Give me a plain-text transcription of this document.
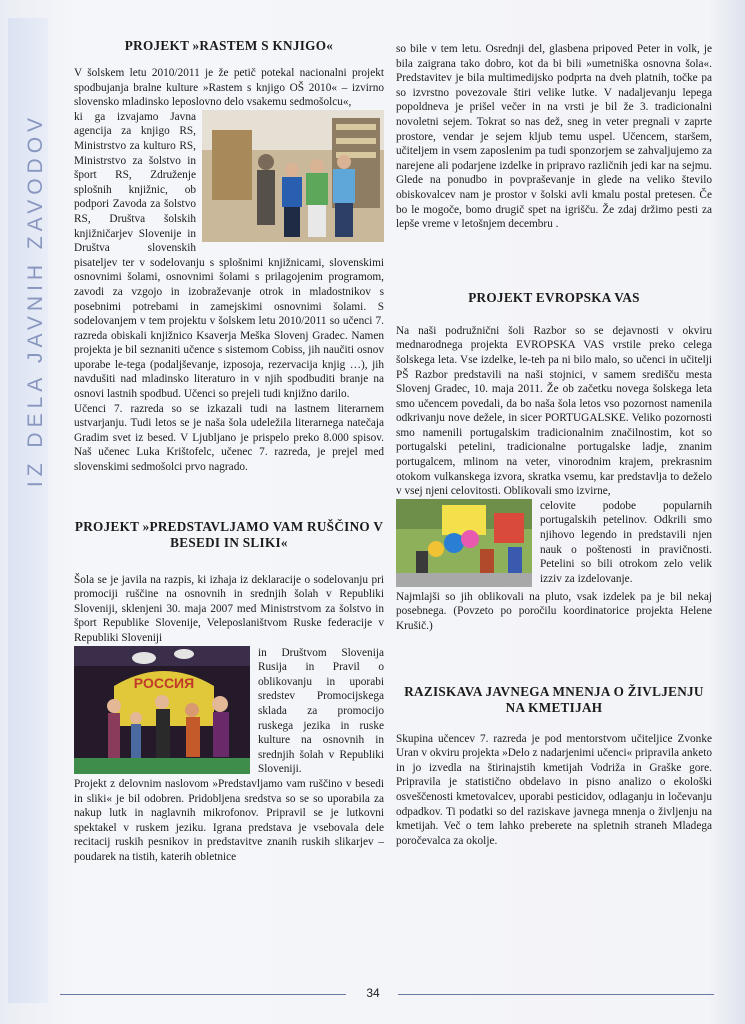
IZ DELA JAVNIH ZAVODOV
PROJEKT »RASTEM S KNJIGO«

V šolskem letu 2010/2011 je že petič potekal nacionalni projekt spodbujanja bralne kulture »Rastem s knjigo OŠ 2010« – izvirno slovensko mladinsko leposlovno delo vsakemu sedmošolcu«,

ki ga izvajamo Javna agencija za knjigo RS, Ministrstvo za kulturo RS, Ministrstvo za šolstvo in šport RS, Združenje splošnih knjižnic, ob podpori Zavoda za šolstvo RS, Društva šolskih knjižničarjev Slovenije in Društva slovenskih pisateljev ter v sodelovanju s splošnimi knjižnicami, slovenskimi osnovnimi šolami, osnovnimi šolami s prilagojenim programom, zavodi za vzgojo in izobraževanje otrok in mladostnikov s posebnimi potrebami in zamejskimi osnovnimi šolami. S sodelovanjem v tem projektu v šolskem letu 2010/2011 so učenci 7. razreda obiskali knjižnico Ksaverja Meška Slovenj Gradec. Namen projekta je bil seznaniti učence s sistemom Cobiss, jih naučiti osnov uporabe le-tega (podaljševanje, izposoja, rezervacija knjig …), jih navdušiti nad mladinsko literaturo in v njih spodbuditi branje na osnovi lastnih spodbud. Učenci so prejeli tudi knjižno darilo.

Učenci 7. razreda so se izkazali tudi na lastnem literarnem ustvarjanju. Tudi letos se je naša šola udeležila literarnega natečaja Gradim svet iz besed. V Ljubljano je prispelo preko 8.000 spisov. Naš učenec Luka Krištofelc, učenec 7. razreda, je prejel med slovenskimi sedmošolci prvo nagrado.

PROJEKT »PREDSTAVLJAMO VAM RUŠČINO V BESEDI IN SLIKI«

Šola se je javila na razpis, ki izhaja iz deklaracije o sodelovanju pri promociji ruščine na osnovnih in srednjih šolah v Republiki Sloveniji, sklenjeni 30. maja 2007 med Ministrstvom za šolstvo in šport Republike Slovenije, Veleposlaništvom Ruske federacije v Republiki Sloveniji

РОССИЯ

in Društvom Slovenija Rusija in Pravil o oblikovanju in uporabi sredstev Promocijskega sklada za promocijo ruskega jezika in ruske kulture na osnovnih in srednjih šolah v Republiki Sloveniji.

Projekt z delovnim naslovom »Predstavljamo vam ruščino v besedi in sliki« je bil odobren. Pridobljena sredstva so se so uporabila za nakup lutk in naglavnih mikrofonov. Pripravil se je lutkovni spektakel v ruskem jeziku. Igrana predstava je vsebovala dele recitacij ruskih pesnikov in predstavitve znanih ruskih slikarjev – poudarek na tistih, katerih obletnice

so bile v tem letu. Osrednji del, glasbena pripoved Peter in volk, je bila zaigrana tako dobro, kot da bi bili »umetniška osnovna šola«. Predstavitev je bila multimedijsko podprta na dveh platnih, točke pa so izvrstno povezovale štiri velike lutke. V nadaljevanju lepega popoldneva je prišel večer in na vrsti je bil že 3. tradicionalni novoletni sejem. Tokrat so nas dež, sneg in veter pregnali v zaprte prostore, vendar je sejem kljub temu uspel. Učencem, staršem, učiteljem in vsem zaposlenim pa tudi sponzorjem se zahvaljujemo za narejene ali podarjene izdelke in pripravo različnih jedi kar na sejmu. Glede na ponudbo in povpraševanje in glede na veliko število obiskovalcev nam je prostor v šolski avli kmalu postal pretesen. Če bo le mogoče, bomo drugič spet na igrišču. Že zdaj držimo pesti za lepše vreme v letošnjem decembru .

PROJEKT EVROPSKA VAS

Na naši podružnični šoli Razbor so se dejavnosti v okviru mednarodnega projekta EVROPSKA VAS vrstile preko celega šolskega leta. Vse izdelke, le-teh pa ni bilo malo, so učenci in učitelji PŠ Razbor predstavili na naši stojnici, v samem središču mesta Slovenj Gradec, 10. maja 2011. Že ob začetku novega šolskega leta smo učencem povedali, da bo naša šola letos vso pozornost namenila odkrivanju nove dežele, in sicer PORTUGALSKE. Veliko pozornosti smo namenili portugalskim tradicionalnim značilnostim, kot so portugalski petelini, tradicionalne portugalske ladje, znanim portugalcem, mlinom na veter, vinorodnim krajem, prekrasnim otokom vulkanskega izvora, skratka vsemu, kar predstavlja to deželo v vsej njeni celovitosti. Oblikovali smo izvirne,

celovite podobe popularnih portugalskih petelinov. Odkrili smo njihovo legendo in predstavili njen nauk o poštenosti in pravičnosti. Petelini so bili otrokom zelo velik izziv za izdelovanje.

Najmlajši so jih oblikovali na pluto, vsak izdelek pa je bil nekaj posebnega. (Povzeto po poročilu koordinatorice projekta Helene Krušič.)

RAZISKAVA JAVNEGA MNENJA O ŽIVLJENJU NA KMETIJAH

Skupina učencev 7. razreda je pod mentorstvom učiteljice Zvonke Uran v okviru projekta »Delo z nadarjenimi učenci« pripravila anketo in jo izvedla na štirinajstih kmetijah Vodriža in Graške gore. Pripravila je statistično obdelavo in pisno analizo o ekološki osveščenosti kmetovalcev, uporabi pesticidov, odlaganju in ločevanju odpadkov. Ti podatki so del raziskave javnega mnenja o življenju na kmetijah. Več o tem lahko preberete na spletnih straneh Mladega poročevalca za okolje.

34
